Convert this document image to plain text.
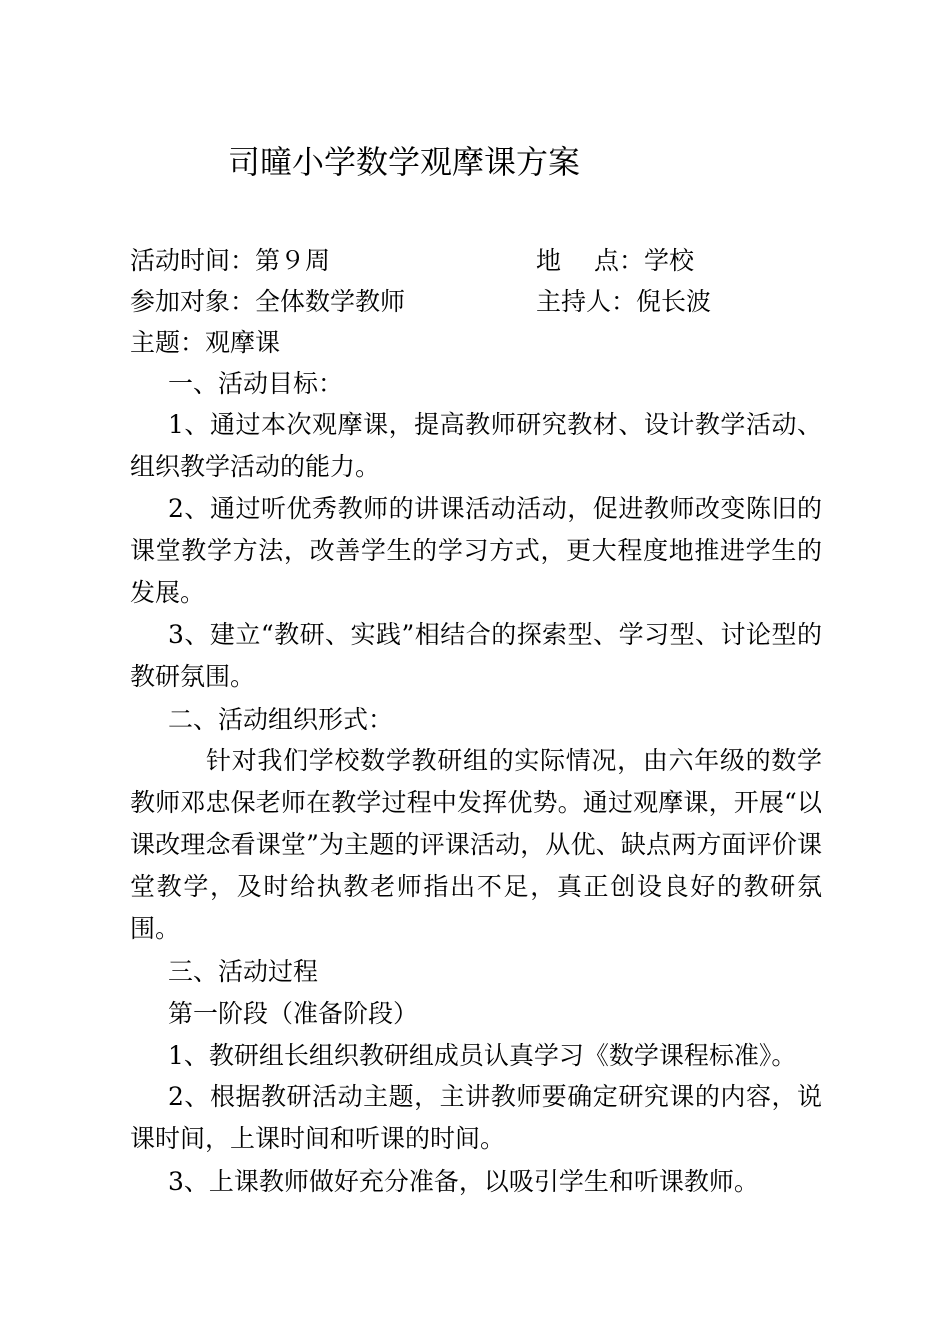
司曈小学数学观摩课方案
活动时间：第９周	地　 点：学校
参加对象：全体数学教师	主持人：倪长波
主题：观摩课
一、活动目标：
1、通过本次观摩课，提高教师研究教材、设计教学活动、组织教学活动的能力。
2、通过听优秀教师的讲课活动活动，促进教师改变陈旧的课堂教学方法，改善学生的学习方式，更大程度地推进学生的发展。
3、建立“教研、实践”相结合的探索型、学习型、讨论型的教研氛围。
二、活动组织形式：
针对我们学校数学教研组的实际情况，由六年级的数学教师邓忠保老师在教学过程中发挥优势。通过观摩课，开展“以课改理念看课堂”为主题的评课活动，从优、缺点两方面评价课堂教学，及时给执教老师指出不足，真正创设良好的教研氛围。
三、活动过程
第一阶段（准备阶段）
1、教研组长组织教研组成员认真学习《数学课程标准》。
2、根据教研活动主题，主讲教师要确定研究课的内容，说课时间，上课时间和听课的时间。
3、上课教师做好充分准备，以吸引学生和听课教师。
